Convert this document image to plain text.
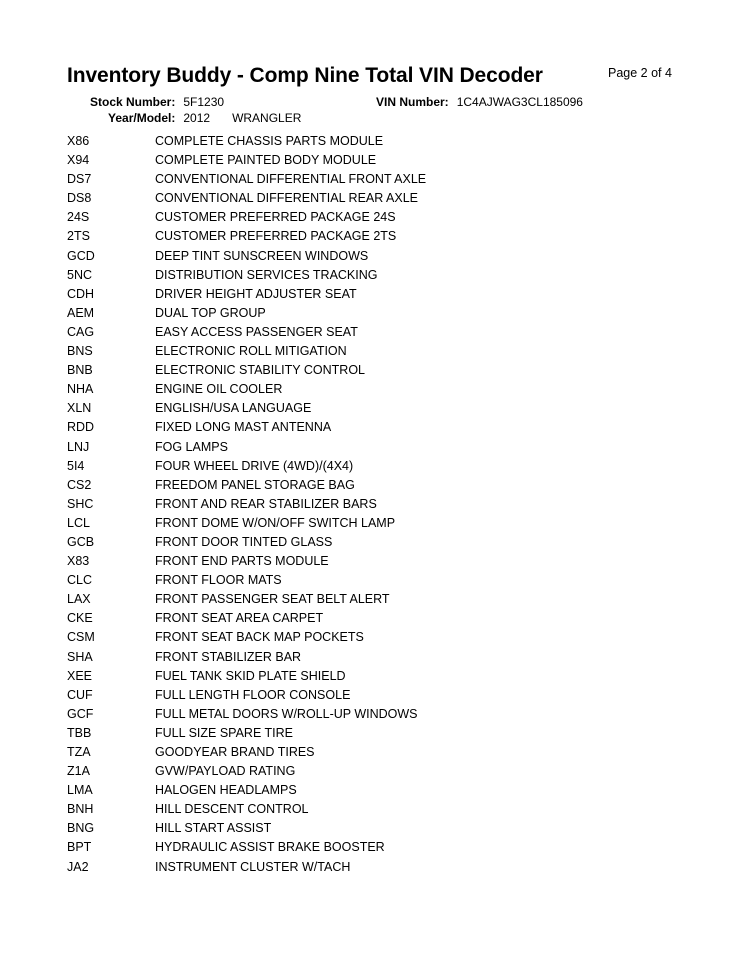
Inventory Buddy - Comp Nine Total VIN Decoder	Page 2 of 4
Stock Number: 5F1230
Year/Model: 2012 WRANGLER
VIN Number: 1C4AJWAG3CL185096
X86	COMPLETE CHASSIS PARTS MODULE
X94	COMPLETE PAINTED BODY MODULE
DS7	CONVENTIONAL DIFFERENTIAL FRONT AXLE
DS8	CONVENTIONAL DIFFERENTIAL REAR AXLE
24S	CUSTOMER PREFERRED PACKAGE 24S
2TS	CUSTOMER PREFERRED PACKAGE 2TS
GCD	DEEP TINT SUNSCREEN WINDOWS
5NC	DISTRIBUTION SERVICES TRACKING
CDH	DRIVER HEIGHT ADJUSTER SEAT
AEM	DUAL TOP GROUP
CAG	EASY ACCESS PASSENGER SEAT
BNS	ELECTRONIC ROLL MITIGATION
BNB	ELECTRONIC STABILITY CONTROL
NHA	ENGINE OIL COOLER
XLN	ENGLISH/USA LANGUAGE
RDD	FIXED LONG MAST ANTENNA
LNJ	FOG LAMPS
5I4	FOUR WHEEL DRIVE (4WD)/(4X4)
CS2	FREEDOM PANEL STORAGE BAG
SHC	FRONT AND REAR STABILIZER BARS
LCL	FRONT DOME W/ON/OFF SWITCH LAMP
GCB	FRONT DOOR TINTED GLASS
X83	FRONT END PARTS MODULE
CLC	FRONT FLOOR MATS
LAX	FRONT PASSENGER SEAT BELT ALERT
CKE	FRONT SEAT AREA CARPET
CSM	FRONT SEAT BACK MAP POCKETS
SHA	FRONT STABILIZER BAR
XEE	FUEL TANK SKID PLATE SHIELD
CUF	FULL LENGTH FLOOR CONSOLE
GCF	FULL METAL DOORS W/ROLL-UP WINDOWS
TBB	FULL SIZE SPARE TIRE
TZA	GOODYEAR BRAND TIRES
Z1A	GVW/PAYLOAD RATING
LMA	HALOGEN HEADLAMPS
BNH	HILL DESCENT CONTROL
BNG	HILL START ASSIST
BPT	HYDRAULIC ASSIST BRAKE BOOSTER
JA2	INSTRUMENT CLUSTER W/TACH
